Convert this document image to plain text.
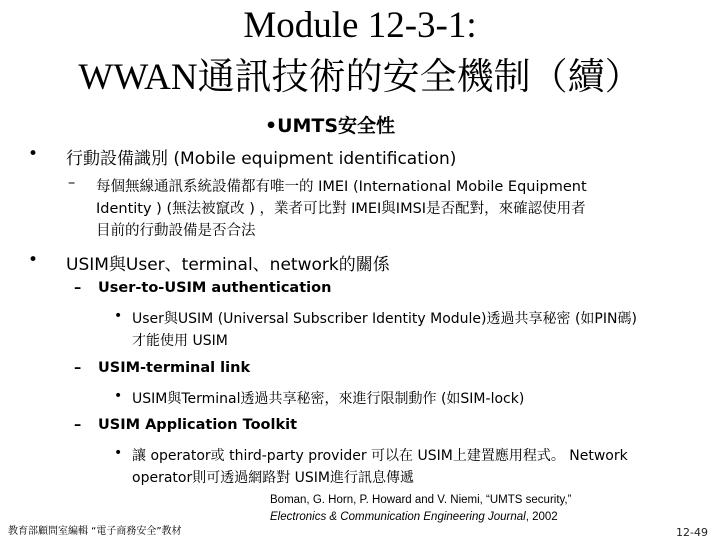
Module 12-3-1:
WWAN通訊技術的安全機制（續）
•UMTS安全性
• 行動設備識別 (Mobile equipment identification)
– 每個無線通訊系統設備都有唯一的 IMEI (International Mobile Equipment
Identity ) (無法被竄改 ) ，業者可比對 IMEI與IMSI是否配對，來確認使用者
目前的行動設備是否合法
• USIM與User、terminal、network的關係
– User-to-USIM authentication
• User與USIM (Universal Subscriber Identity Module)透過共享秘密 (如PIN碼)
才能使用 USIM
– USIM-terminal link
• USIM與Terminal透過共享秘密，來進行限制動作 (如SIM-lock)
– USIM Application Toolkit
• 讓 operator或 third-party provider 可以在 USIM上建置應用程式。 Network
operator則可透過網路對 USIM進行訊息傳遞
Boman, G. Horn, P. Howard and V. Niemi, “UMTS security,”
Electronics & Communication Engineering Journal, 2002
教育部顧問室編輯 “電子商務安全”教材	12-49
